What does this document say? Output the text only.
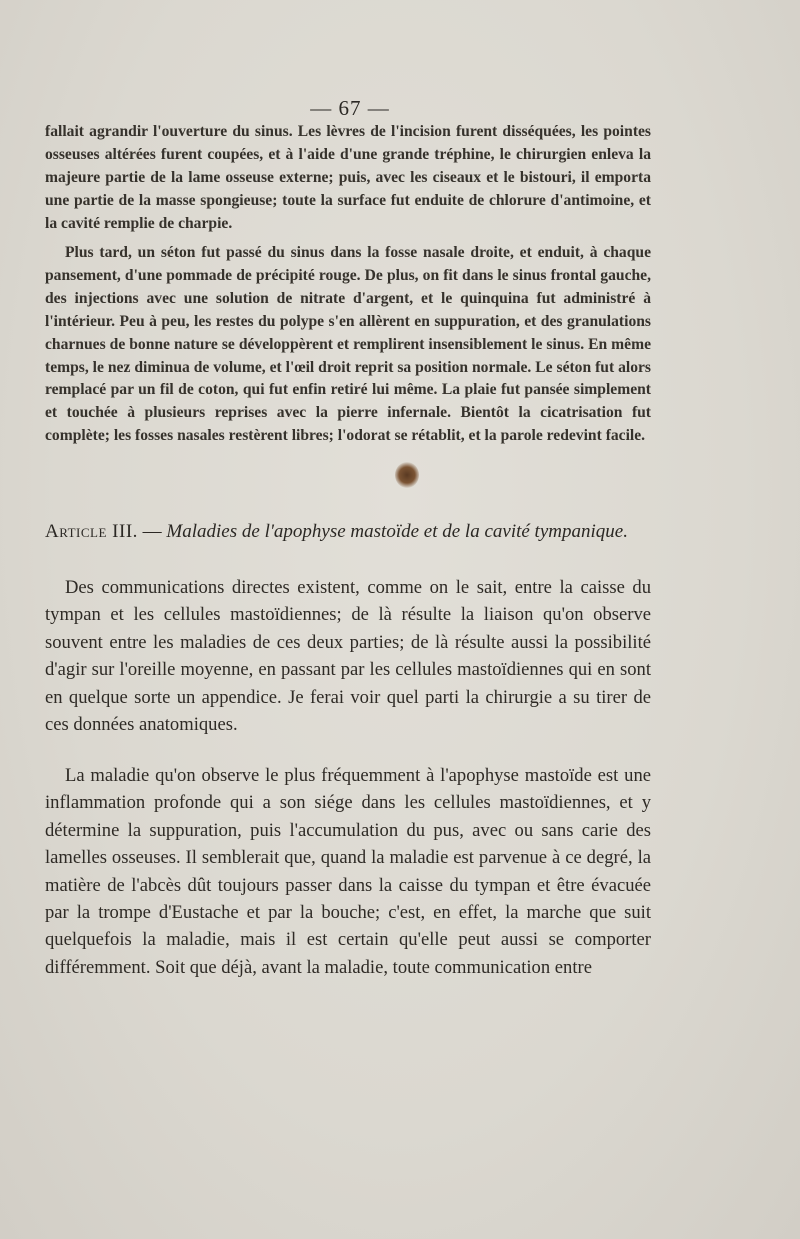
— 67 —
fallait agrandir l'ouverture du sinus. Les lèvres de l'incision furent disséquées, les pointes osseuses altérées furent coupées, et à l'aide d'une grande tréphine, le chirurgien enleva la majeure partie de la lame osseuse externe; puis, avec les ciseaux et le bistouri, il emporta une partie de la masse spongieuse; toute la surface fut enduite de chlorure d'antimoine, et la cavité remplie de charpie.
Plus tard, un séton fut passé du sinus dans la fosse nasale droite, et enduit, à chaque pansement, d'une pommade de précipité rouge. De plus, on fit dans le sinus frontal gauche, des injections avec une solution de nitrate d'argent, et le quinquina fut administré à l'intérieur. Peu à peu, les restes du polype s'en allèrent en suppuration, et des granulations charnues de bonne nature se développèrent et remplirent insensiblement le sinus. En même temps, le nez diminua de volume, et l'œil droit reprit sa position normale. Le séton fut alors remplacé par un fil de coton, qui fut enfin retiré lui même. La plaie fut pansée simplement et touchée à plusieurs reprises avec la pierre infernale. Bientôt la cicatrisation fut complète; les fosses nasales restèrent libres; l'odorat se rétablit, et la parole redevint facile.
Article III. — Maladies de l'apophyse mastoïde et de la cavité tympanique.
Des communications directes existent, comme on le sait, entre la caisse du tympan et les cellules mastoïdiennes; de là résulte la liaison qu'on observe souvent entre les maladies de ces deux parties; de là résulte aussi la possibilité d'agir sur l'oreille moyenne, en passant par les cellules mastoïdiennes qui en sont en quelque sorte un appendice. Je ferai voir quel parti la chirurgie a su tirer de ces données anatomiques.
La maladie qu'on observe le plus fréquemment à l'apophyse mastoïde est une inflammation profonde qui a son siége dans les cellules mastoïdiennes, et y détermine la suppuration, puis l'accumulation du pus, avec ou sans carie des lamelles osseuses. Il semblerait que, quand la maladie est parvenue à ce degré, la matière de l'abcès dût toujours passer dans la caisse du tympan et être évacuée par la trompe d'Eustache et par la bouche; c'est, en effet, la marche que suit quelquefois la maladie, mais il est certain qu'elle peut aussi se comporter différemment. Soit que déjà, avant la maladie, toute communication entre
